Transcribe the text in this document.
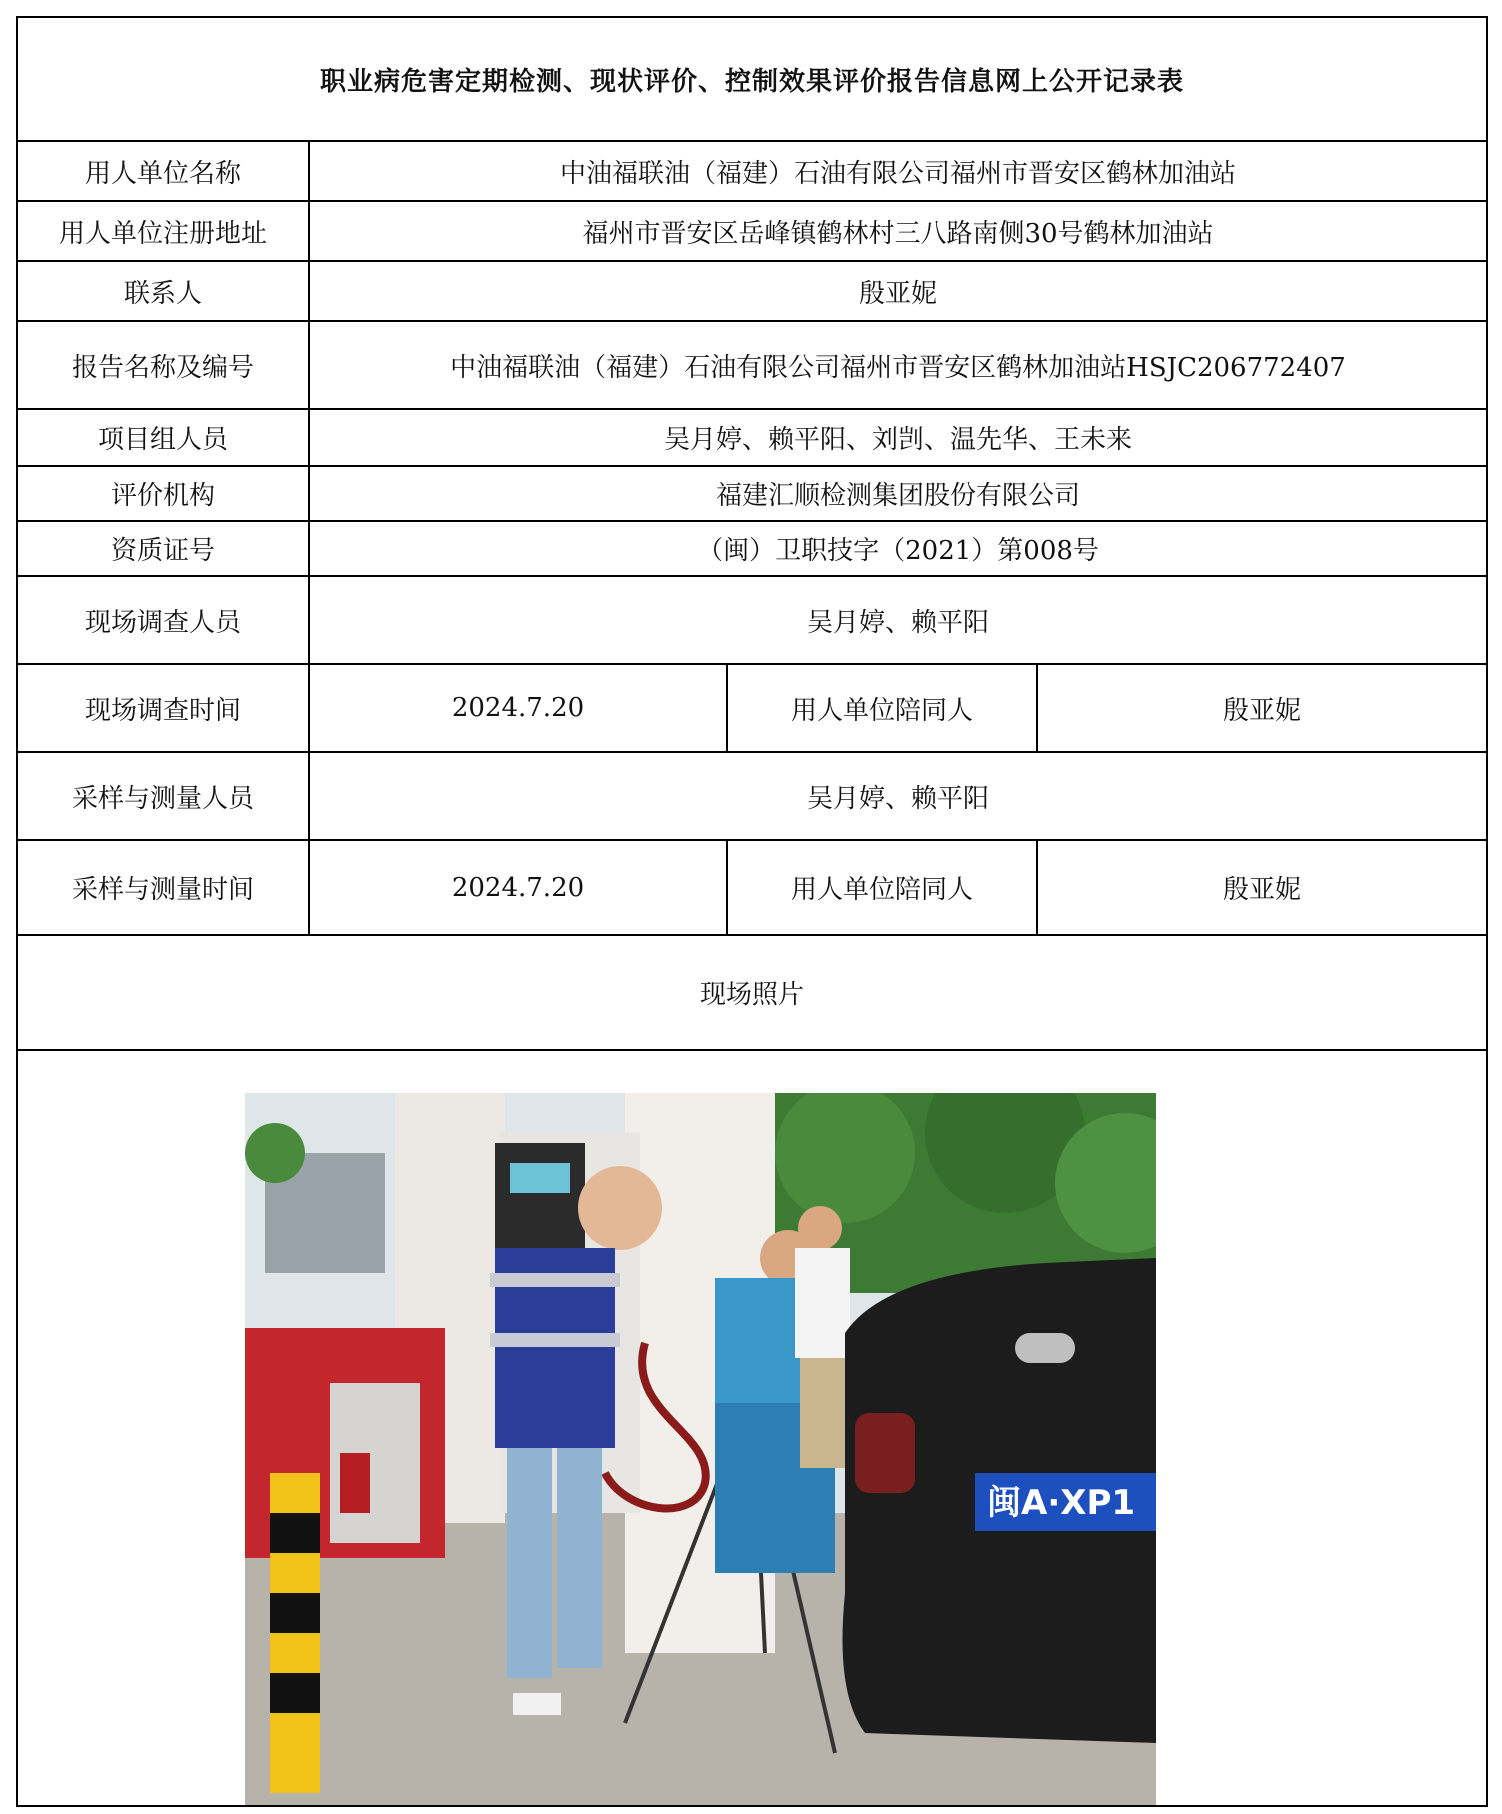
职业病危害定期检测、现状评价、控制效果评价报告信息网上公开记录表			
用人单位名称	中油福联油（福建）石油有限公司福州市晋安区鹤林加油站		
用人单位注册地址	福州市晋安区岳峰镇鹤林村三八路南侧30号鹤林加油站		
联系人	殷亚妮		
报告名称及编号	中油福联油（福建）石油有限公司福州市晋安区鹤林加油站HSJC206772407		
项目组人员	吴月婷、赖平阳、刘剀、温先华、王未来		
评价机构	福建汇顺检测集团股份有限公司		
资质证号	（闽）卫职技字（2021）第008号		
现场调查人员	吴月婷、赖平阳		
现场调查时间	2024.7.20	用人单位陪同人	殷亚妮
采样与测量人员	吴月婷、赖平阳		
采样与测量时间	2024.7.20	用人单位陪同人	殷亚妮
现场照片			

闽A·XP1			
